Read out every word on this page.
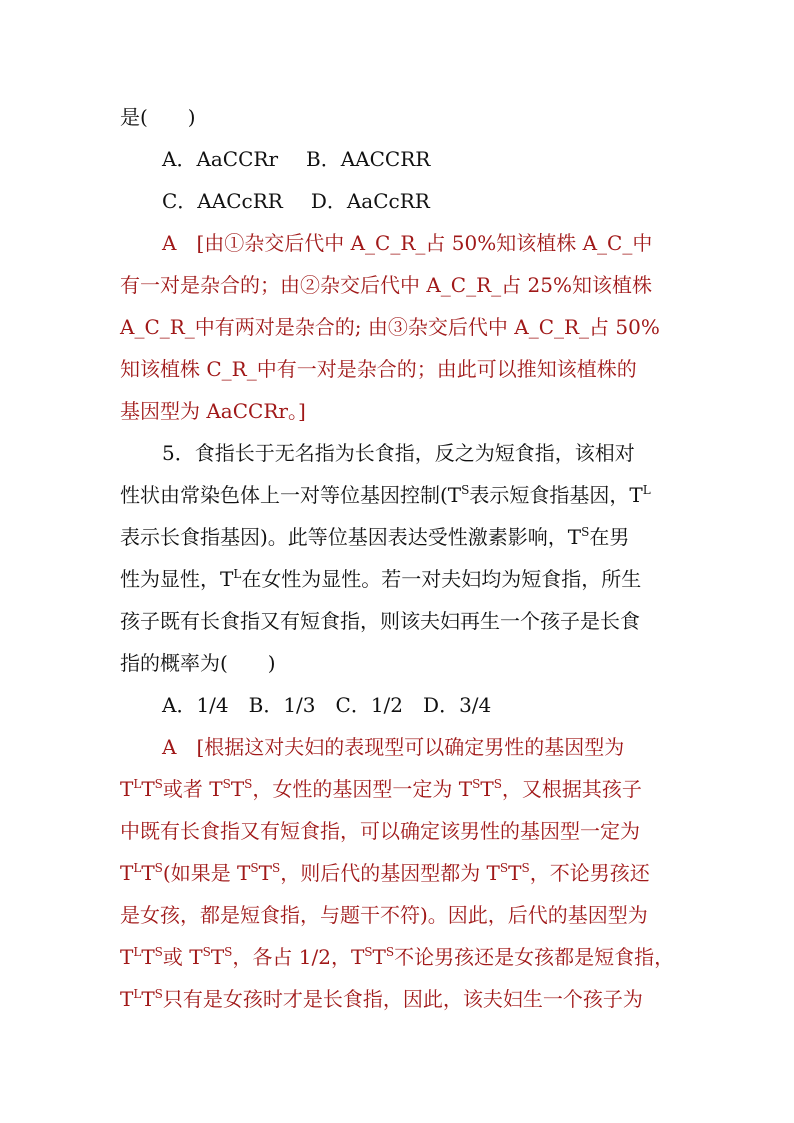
是(　　)
A．AaCCRr B．AACCRR
C．AACcRR D．AaCcRR
A　[由①杂交后代中 A_C_R_占 50%知该植株 A_C_中
有一对是杂合的；由②杂交后代中 A_C_R_占 25%知该植株
A_C_R_中有两对是杂合的; 由③杂交后代中 A_C_R_占 50%
知该植株 C_R_中有一对是杂合的；由此可以推知该植株的
基因型为 AaCCRr。]
5．食指长于无名指为长食指，反之为短食指，该相对
性状由常染色体上一对等位基因控制($T^S$表示短食指基因，$T^L$
表示长食指基因)。此等位基因表达受性激素影响，$T^S$在男
性为显性，$T^L$在女性为显性。若一对夫妇均为短食指，所生
孩子既有长食指又有短食指，则该夫妇再生一个孩子是长食
指的概率为(　　)
A．1/4 B．1/3 C．1/2 D．3/4
A　[根据这对夫妇的表现型可以确定男性的基因型为
$T^LT^S$或者 $T^ST^S$，女性的基因型一定为 $T^ST^S$，又根据其孩子
中既有长食指又有短食指，可以确定该男性的基因型一定为
$T^LT^S$(如果是 $T^ST^S$，则后代的基因型都为 $T^ST^S$，不论男孩还
是女孩，都是短食指，与题干不符)。因此，后代的基因型为
$T^LT^S$或 $T^ST^S$，各占 1/2，$T^ST^S$不论男孩还是女孩都是短食指，
$T^LT^S$只有是女孩时才是长食指，因此，该夫妇生一个孩子为
